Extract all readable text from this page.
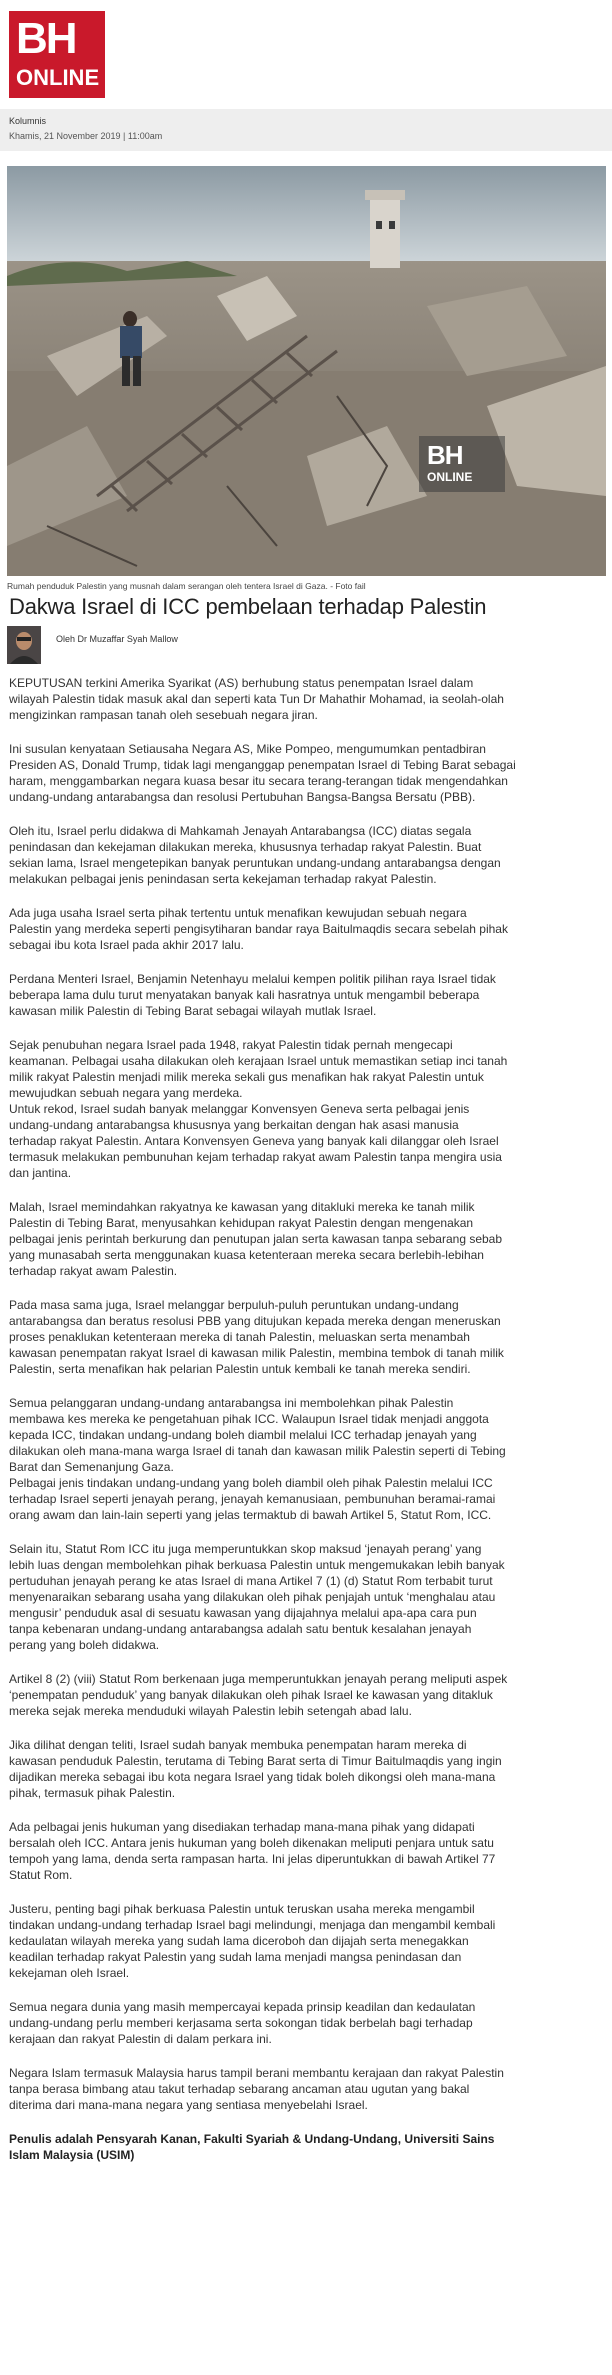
BH
ONLINE
Kolumnis
Khamis, 21 November 2019 | 11:00am
BH
ONLINE
Rumah penduduk Palestin yang musnah dalam serangan oleh tentera Israel di Gaza. - Foto fail
Dakwa Israel di ICC pembelaan terhadap Palestin
Oleh Dr Muzaffar Syah Mallow

KEPUTUSAN terkini Amerika Syarikat (AS) berhubung status penempatan Israel dalam
wilayah Palestin tidak masuk akal dan seperti kata Tun Dr Mahathir Mohamad, ia seolah-olah
mengizinkan rampasan tanah oleh sesebuah negara jiran.

Ini susulan kenyataan Setiausaha Negara AS, Mike Pompeo, mengumumkan pentadbiran
Presiden AS, Donald Trump, tidak lagi menganggap penempatan Israel di Tebing Barat sebagai
haram, menggambarkan negara kuasa besar itu secara terang-terangan tidak mengendahkan
undang-undang antarabangsa dan resolusi Pertubuhan Bangsa-Bangsa Bersatu (PBB).

Oleh itu, Israel perlu didakwa di Mahkamah Jenayah Antarabangsa (ICC) diatas segala
penindasan dan kekejaman dilakukan mereka, khususnya terhadap rakyat Palestin. Buat
sekian lama, Israel mengetepikan banyak peruntukan undang-undang antarabangsa dengan
melakukan pelbagai jenis penindasan serta kekejaman terhadap rakyat Palestin.

Ada juga usaha Israel serta pihak tertentu untuk menafikan kewujudan sebuah negara
Palestin yang merdeka seperti pengisytiharan bandar raya Baitulmaqdis secara sebelah pihak
sebagai ibu kota Israel pada akhir 2017 lalu.

Perdana Menteri Israel, Benjamin Netenhayu melalui kempen politik pilihan raya Israel tidak
beberapa lama dulu turut menyatakan banyak kali hasratnya untuk mengambil beberapa
kawasan milik Palestin di Tebing Barat sebagai wilayah mutlak Israel.

Sejak penubuhan negara Israel pada 1948, rakyat Palestin tidak pernah mengecapi
keamanan. Pelbagai usaha dilakukan oleh kerajaan Israel untuk memastikan setiap inci tanah
milik rakyat Palestin menjadi milik mereka sekali gus menafikan hak rakyat Palestin untuk
mewujudkan sebuah negara yang merdeka.
Untuk rekod, Israel sudah banyak melanggar Konvensyen Geneva serta pelbagai jenis
undang-undang antarabangsa khususnya yang berkaitan dengan hak asasi manusia
terhadap rakyat Palestin. Antara Konvensyen Geneva yang banyak kali dilanggar oleh Israel
termasuk melakukan pembunuhan kejam terhadap rakyat awam Palestin tanpa mengira usia
dan jantina.

Malah, Israel memindahkan rakyatnya ke kawasan yang ditakluki mereka ke tanah milik
Palestin di Tebing Barat, menyusahkan kehidupan rakyat Palestin dengan mengenakan
pelbagai jenis perintah berkurung dan penutupan jalan serta kawasan tanpa sebarang sebab
yang munasabah serta menggunakan kuasa ketenteraan mereka secara berlebih-lebihan
terhadap rakyat awam Palestin.

Pada masa sama juga, Israel melanggar berpuluh-puluh peruntukan undang-undang
antarabangsa dan beratus resolusi PBB yang ditujukan kepada mereka dengan meneruskan
proses penaklukan ketenteraan mereka di tanah Palestin, meluaskan serta menambah
kawasan penempatan rakyat Israel di kawasan milik Palestin, membina tembok di tanah milik
Palestin, serta menafikan hak pelarian Palestin untuk kembali ke tanah mereka sendiri.

Semua pelanggaran undang-undang antarabangsa ini membolehkan pihak Palestin
membawa kes mereka ke pengetahuan pihak ICC. Walaupun Israel tidak menjadi anggota
kepada ICC, tindakan undang-undang boleh diambil melalui ICC terhadap jenayah yang
dilakukan oleh mana-mana warga Israel di tanah dan kawasan milik Palestin seperti di Tebing
Barat dan Semenanjung Gaza.
Pelbagai jenis tindakan undang-undang yang boleh diambil oleh pihak Palestin melalui ICC
terhadap Israel seperti jenayah perang, jenayah kemanusiaan, pembunuhan beramai-ramai
orang awam dan lain-lain seperti yang jelas termaktub di bawah Artikel 5, Statut Rom, ICC.

Selain itu, Statut Rom ICC itu juga memperuntukkan skop maksud ‘jenayah perang’ yang
lebih luas dengan membolehkan pihak berkuasa Palestin untuk mengemukakan lebih banyak
pertuduhan jenayah perang ke atas Israel di mana Artikel 7 (1) (d) Statut Rom terbabit turut
menyenaraikan sebarang usaha yang dilakukan oleh pihak penjajah untuk ‘menghalau atau
mengusir’ penduduk asal di sesuatu kawasan yang dijajahnya melalui apa-apa cara pun
tanpa kebenaran undang-undang antarabangsa adalah satu bentuk kesalahan jenayah
perang yang boleh didakwa.

Artikel 8 (2) (viii) Statut Rom berkenaan juga memperuntukkan jenayah perang meliputi aspek
‘penempatan penduduk’ yang banyak dilakukan oleh pihak Israel ke kawasan yang ditakluk
mereka sejak mereka menduduki wilayah Palestin lebih setengah abad lalu.

Jika dilihat dengan teliti, Israel sudah banyak membuka penempatan haram mereka di
kawasan penduduk Palestin, terutama di Tebing Barat serta di Timur Baitulmaqdis yang ingin
dijadikan mereka sebagai ibu kota negara Israel yang tidak boleh dikongsi oleh mana-mana
pihak, termasuk pihak Palestin.

Ada pelbagai jenis hukuman yang disediakan terhadap mana-mana pihak yang didapati
bersalah oleh ICC. Antara jenis hukuman yang boleh dikenakan meliputi penjara untuk satu
tempoh yang lama, denda serta rampasan harta. Ini jelas diperuntukkan di bawah Artikel 77
Statut Rom.

Justeru, penting bagi pihak berkuasa Palestin untuk teruskan usaha mereka mengambil
tindakan undang-undang terhadap Israel bagi melindungi, menjaga dan mengambil kembali
kedaulatan wilayah mereka yang sudah lama diceroboh dan dijajah serta menegakkan
keadilan terhadap rakyat Palestin yang sudah lama menjadi mangsa penindasan dan
kekejaman oleh Israel.

Semua negara dunia yang masih mempercayai kepada prinsip keadilan dan kedaulatan
undang-undang perlu memberi kerjasama serta sokongan tidak berbelah bagi terhadap
kerajaan dan rakyat Palestin di dalam perkara ini.

Negara Islam termasuk Malaysia harus tampil berani membantu kerajaan dan rakyat Palestin
tanpa berasa bimbang atau takut terhadap sebarang ancaman atau ugutan yang bakal
diterima dari mana-mana negara yang sentiasa menyebelahi Israel.

Penulis adalah Pensyarah Kanan, Fakulti Syariah & Undang-Undang, Universiti Sains
Islam Malaysia (USIM)
